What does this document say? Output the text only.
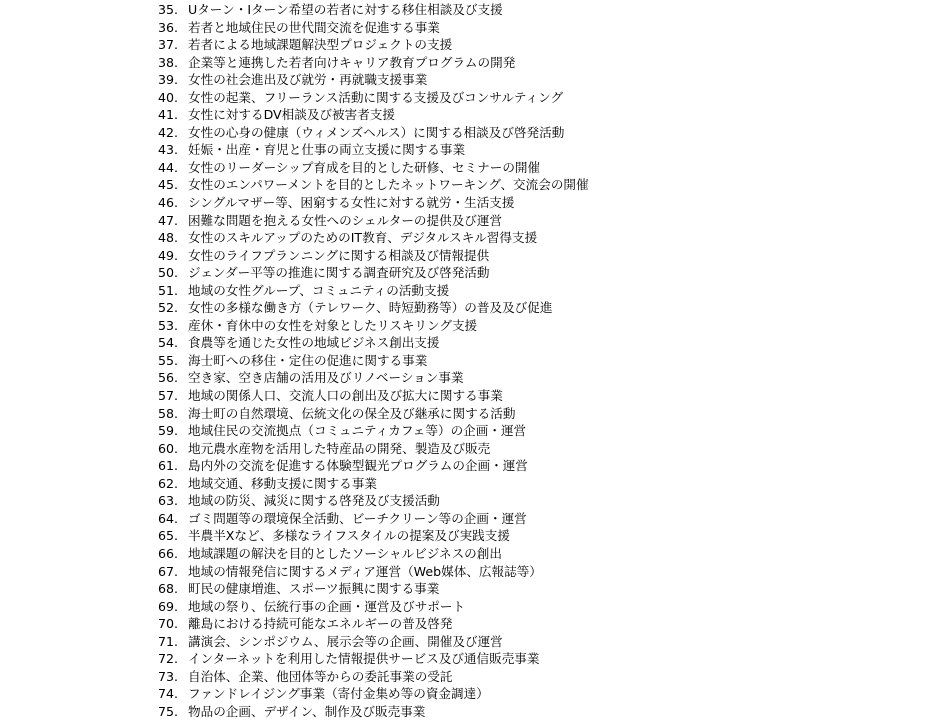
35. Uターン・Iターン希望の若者に対する移住相談及び支援
36. 若者と地域住民の世代間交流を促進する事業
37. 若者による地域課題解決型プロジェクトの支援
38. 企業等と連携した若者向けキャリア教育プログラムの開発
39. 女性の社会進出及び就労・再就職支援事業
40. 女性の起業、フリーランス活動に関する支援及びコンサルティング
41. 女性に対するDV相談及び被害者支援
42. 女性の心身の健康（ウィメンズヘルス）に関する相談及び啓発活動
43. 妊娠・出産・育児と仕事の両立支援に関する事業
44. 女性のリーダーシップ育成を目的とした研修、セミナーの開催
45. 女性のエンパワーメントを目的としたネットワーキング、交流会の開催
46. シングルマザー等、困窮する女性に対する就労・生活支援
47. 困難な問題を抱える女性へのシェルターの提供及び運営
48. 女性のスキルアップのためのIT教育、デジタルスキル習得支援
49. 女性のライフプランニングに関する相談及び情報提供
50. ジェンダー平等の推進に関する調査研究及び啓発活動
51. 地域の女性グループ、コミュニティの活動支援
52. 女性の多様な働き方（テレワーク、時短勤務等）の普及及び促進
53. 産休・育休中の女性を対象としたリスキリング支援
54. 食農等を通じた女性の地域ビジネス創出支援
55. 海士町への移住・定住の促進に関する事業
56. 空き家、空き店舗の活用及びリノベーション事業
57. 地域の関係人口、交流人口の創出及び拡大に関する事業
58. 海士町の自然環境、伝統文化の保全及び継承に関する活動
59. 地域住民の交流拠点（コミュニティカフェ等）の企画・運営
60. 地元農水産物を活用した特産品の開発、製造及び販売
61. 島内外の交流を促進する体験型観光プログラムの企画・運営
62. 地域交通、移動支援に関する事業
63. 地域の防災、減災に関する啓発及び支援活動
64. ゴミ問題等の環境保全活動、ビーチクリーン等の企画・運営
65. 半農半Xなど、多様なライフスタイルの提案及び実践支援
66. 地域課題の解決を目的としたソーシャルビジネスの創出
67. 地域の情報発信に関するメディア運営（Web媒体、広報誌等）
68. 町民の健康増進、スポーツ振興に関する事業
69. 地域の祭り、伝統行事の企画・運営及びサポート
70. 離島における持続可能なエネルギーの普及啓発
71. 講演会、シンポジウム、展示会等の企画、開催及び運営
72. インターネットを利用した情報提供サービス及び通信販売事業
73. 自治体、企業、他団体等からの委託事業の受託
74. ファンドレイジング事業（寄付金集め等の資金調達）
75. 物品の企画、デザイン、制作及び販売事業
